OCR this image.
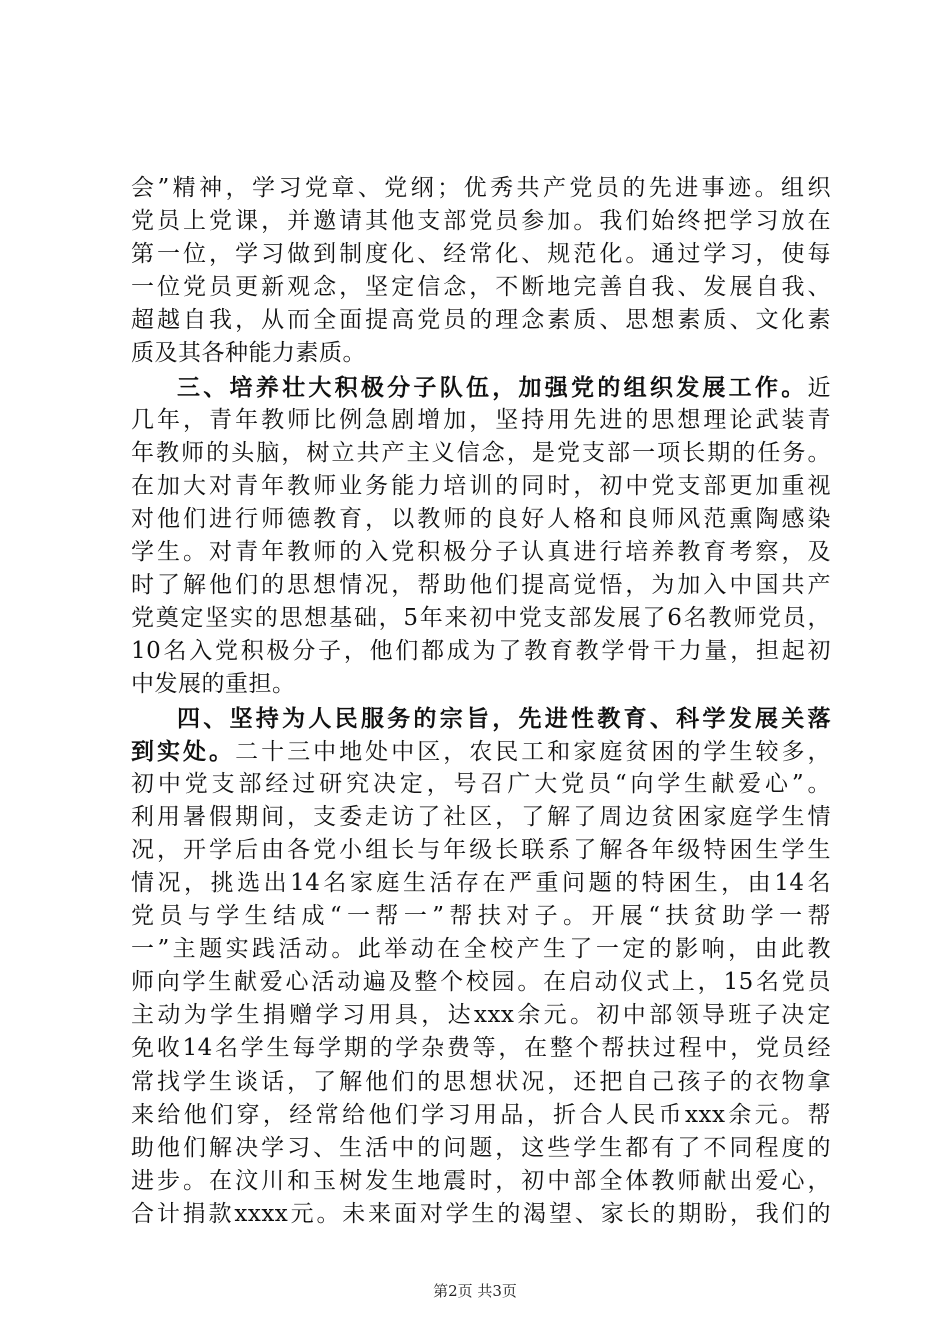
会”精神，学习党章、党纲；优秀共产党员的先进事迹。组织
党员上党课，并邀请其他支部党员参加。我们始终把学习放在
第一位，学习做到制度化、经常化、规范化。通过学习，使每
一位党员更新观念，坚定信念，不断地完善自我、发展自我、
超越自我，从而全面提高党员的理念素质、思想素质、文化素
质及其各种能力素质。
三、培养壮大积极分子队伍，加强党的组织发展工作。近
几年，青年教师比例急剧增加，坚持用先进的思想理论武装青
年教师的头脑，树立共产主义信念，是党支部一项长期的任务。
在加大对青年教师业务能力培训的同时，初中党支部更加重视
对他们进行师德教育，以教师的良好人格和良师风范熏陶感染
学生。对青年教师的入党积极分子认真进行培养教育考察，及
时了解他们的思想情况，帮助他们提高觉悟，为加入中国共产
党奠定坚实的思想基础，5年来初中党支部发展了6名教师党员，
10名入党积极分子，他们都成为了教育教学骨干力量，担起初
中发展的重担。
四、坚持为人民服务的宗旨，先进性教育、科学发展关落
到实处。二十三中地处中区，农民工和家庭贫困的学生较多，
初中党支部经过研究决定，号召广大党员“向学生献爱心”。
利用暑假期间，支委走访了社区，了解了周边贫困家庭学生情
况，开学后由各党小组长与年级长联系了解各年级特困生学生
情况，挑选出14名家庭生活存在严重问题的特困生，由14名
党员与学生结成“一帮一”帮扶对子。开展“扶贫助学一帮
一”主题实践活动。此举动在全校产生了一定的影响，由此教
师向学生献爱心活动遍及整个校园。在启动仪式上，15名党员
主动为学生捐赠学习用具，达xxx余元。初中部领导班子决定
免收14名学生每学期的学杂费等，在整个帮扶过程中，党员经
常找学生谈话，了解他们的思想状况，还把自己孩子的衣物拿
来给他们穿，经常给他们学习用品，折合人民币xxx余元。帮
助他们解决学习、生活中的问题，这些学生都有了不同程度的
进步。在汶川和玉树发生地震时，初中部全体教师献出爱心，
合计捐款xxxx元。未来面对学生的渴望、家长的期盼，我们的
第2页 共3页
